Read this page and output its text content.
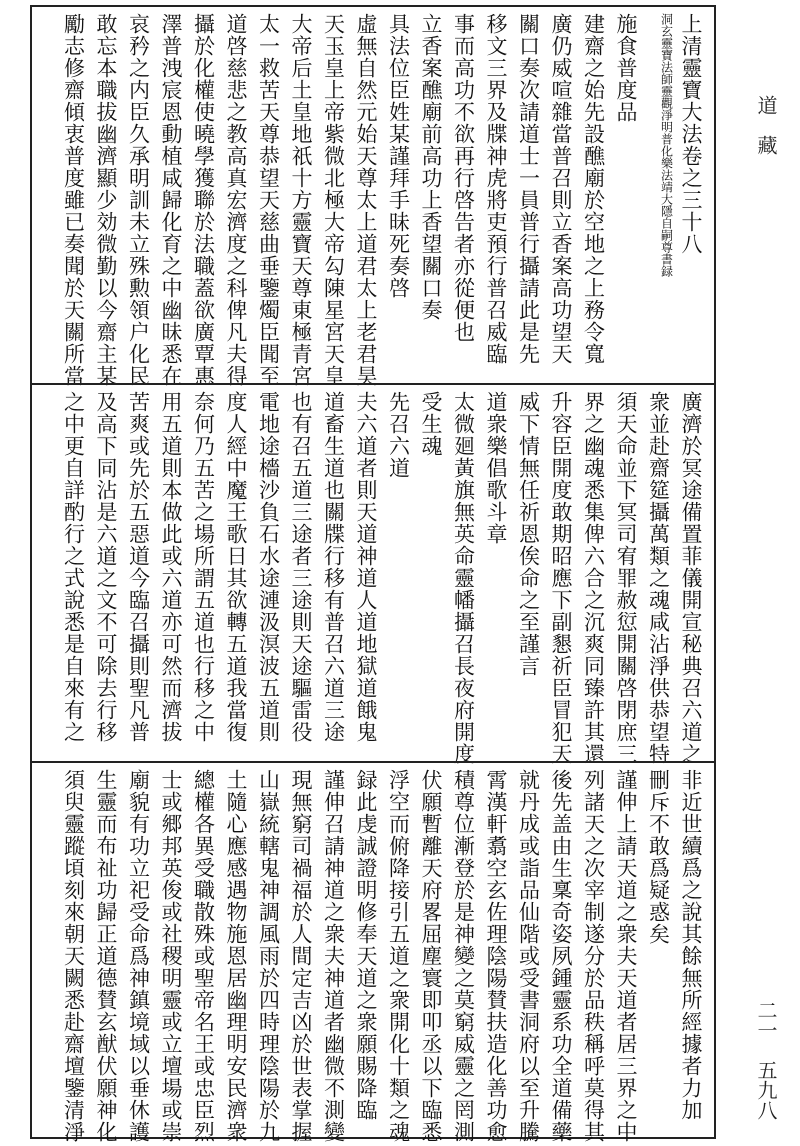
道　藏
二一　五九八
上清靈寶大法卷之三十八
洞玄靈寶法師靈觀淨明普化樂法靖大隱自嗣尊書録
施食普度品
建齋之始先設醮廟於空地之上務令寬
廣仍威喧雜當普召則立香案高功望天
關口奏次請道士一員普行攝請此是先
移文三界及牒神虎將吏預行普召威臨
事而高功不欲再行啓告者亦從便也
立香案醮廟前高功上香望關口奏
具法位臣姓某謹拜手昧死奏啓
虛無自然元始天尊太上道君太上老君昊
天玉皇上帝紫微北極大帝勾陳星宮天皇
大帝后土皇地祇十方靈寶天尊東極青宮
太一救苦天尊恭望天慈曲垂鑒燭臣聞至
道啓慈悲之教高真宏濟度之科俾凡夫得
攝於化權使曉學獲聯於法職蓋欲廣覃惠
澤普洩宸恩動植咸歸化育之中幽昧悉在
哀矜之内臣久承明訓未立殊勲領户化民
敢忘本職拔幽濟顯少効微勤以今齋主某
勵志修齋傾衷普度雖已奏聞於天關所當
廣濟於冥途備置菲儀開宣秘典召六道之
衆並赴齋筵攝萬類之魂咸沾淨供恭望特
須天命並下冥司宥罪赦愆開關啓閉庶三
界之幽魂悉集俾六合之沉爽同臻許其還
升容臣開度敢期昭應下副懇祈臣冒犯天
威下情無任祈恩俟命之至謹言
道衆樂倡歌斗章
太微廻黃旗無英命靈幡攝召長夜府開度
受生魂
先召六道
夫六道者則天道神道人道地獄道餓鬼
道畜生道也關牒行移有普召六道三途
也有召五道三途者三途則天途驅雷役
電地途檣沙負石水途漣汲溟波五道則
度人經中魔王歌日其欲轉五道我當復
奈何乃五苦之場所謂五道也行移之中
用五道則本做此或六道亦可然而濟拔
苦爽或先於五惡道今臨召攝則聖凡普
及高下同沾是六道之文不可除去行移
之中更自詳酌行之式說悉是自來有之
非近世續爲之說其餘無所經據者力加
刪斥不敢爲疑惑矣
謹伸上請天道之衆夫天道者居三界之中
列諸天之次宰制遂分於品秩稱呼莫得其
後先盖由生稟奇姿夙鍾靈系功全道備藥
就丹成或詣品仙階或受書洞府以至升騰
霄漢軒翥空玄佐理陰陽賛扶造化善功愈
積尊位漸登於是神變之莫窮威靈之罔測
伏願暫離天府畧屈塵寰即叩丞以下臨悉
浮空而俯降接引五道之衆開化十類之魂
録此虔誠證明修奉天道之衆願賜降臨
謹伸召請神道之衆夫神道者幽微不測變
現無窮司禍福於人間定吉凶於世表掌握
山嶽統轄鬼神調風雨於四時理陰陽於九
土隨心應感遇物施恩居幽理明安民濟衆
總權各異受職散殊或聖帝名王或忠臣烈
士或郷邦英俊或社稷明靈或立壇場或崇
廟貌有功立祀受命爲神鎮境域以垂休護
生靈而布祉功歸正道德賛玄猷伏願神化
須臾靈蹤頃刻來朝天闕悉赴齋壇鑒清淨
